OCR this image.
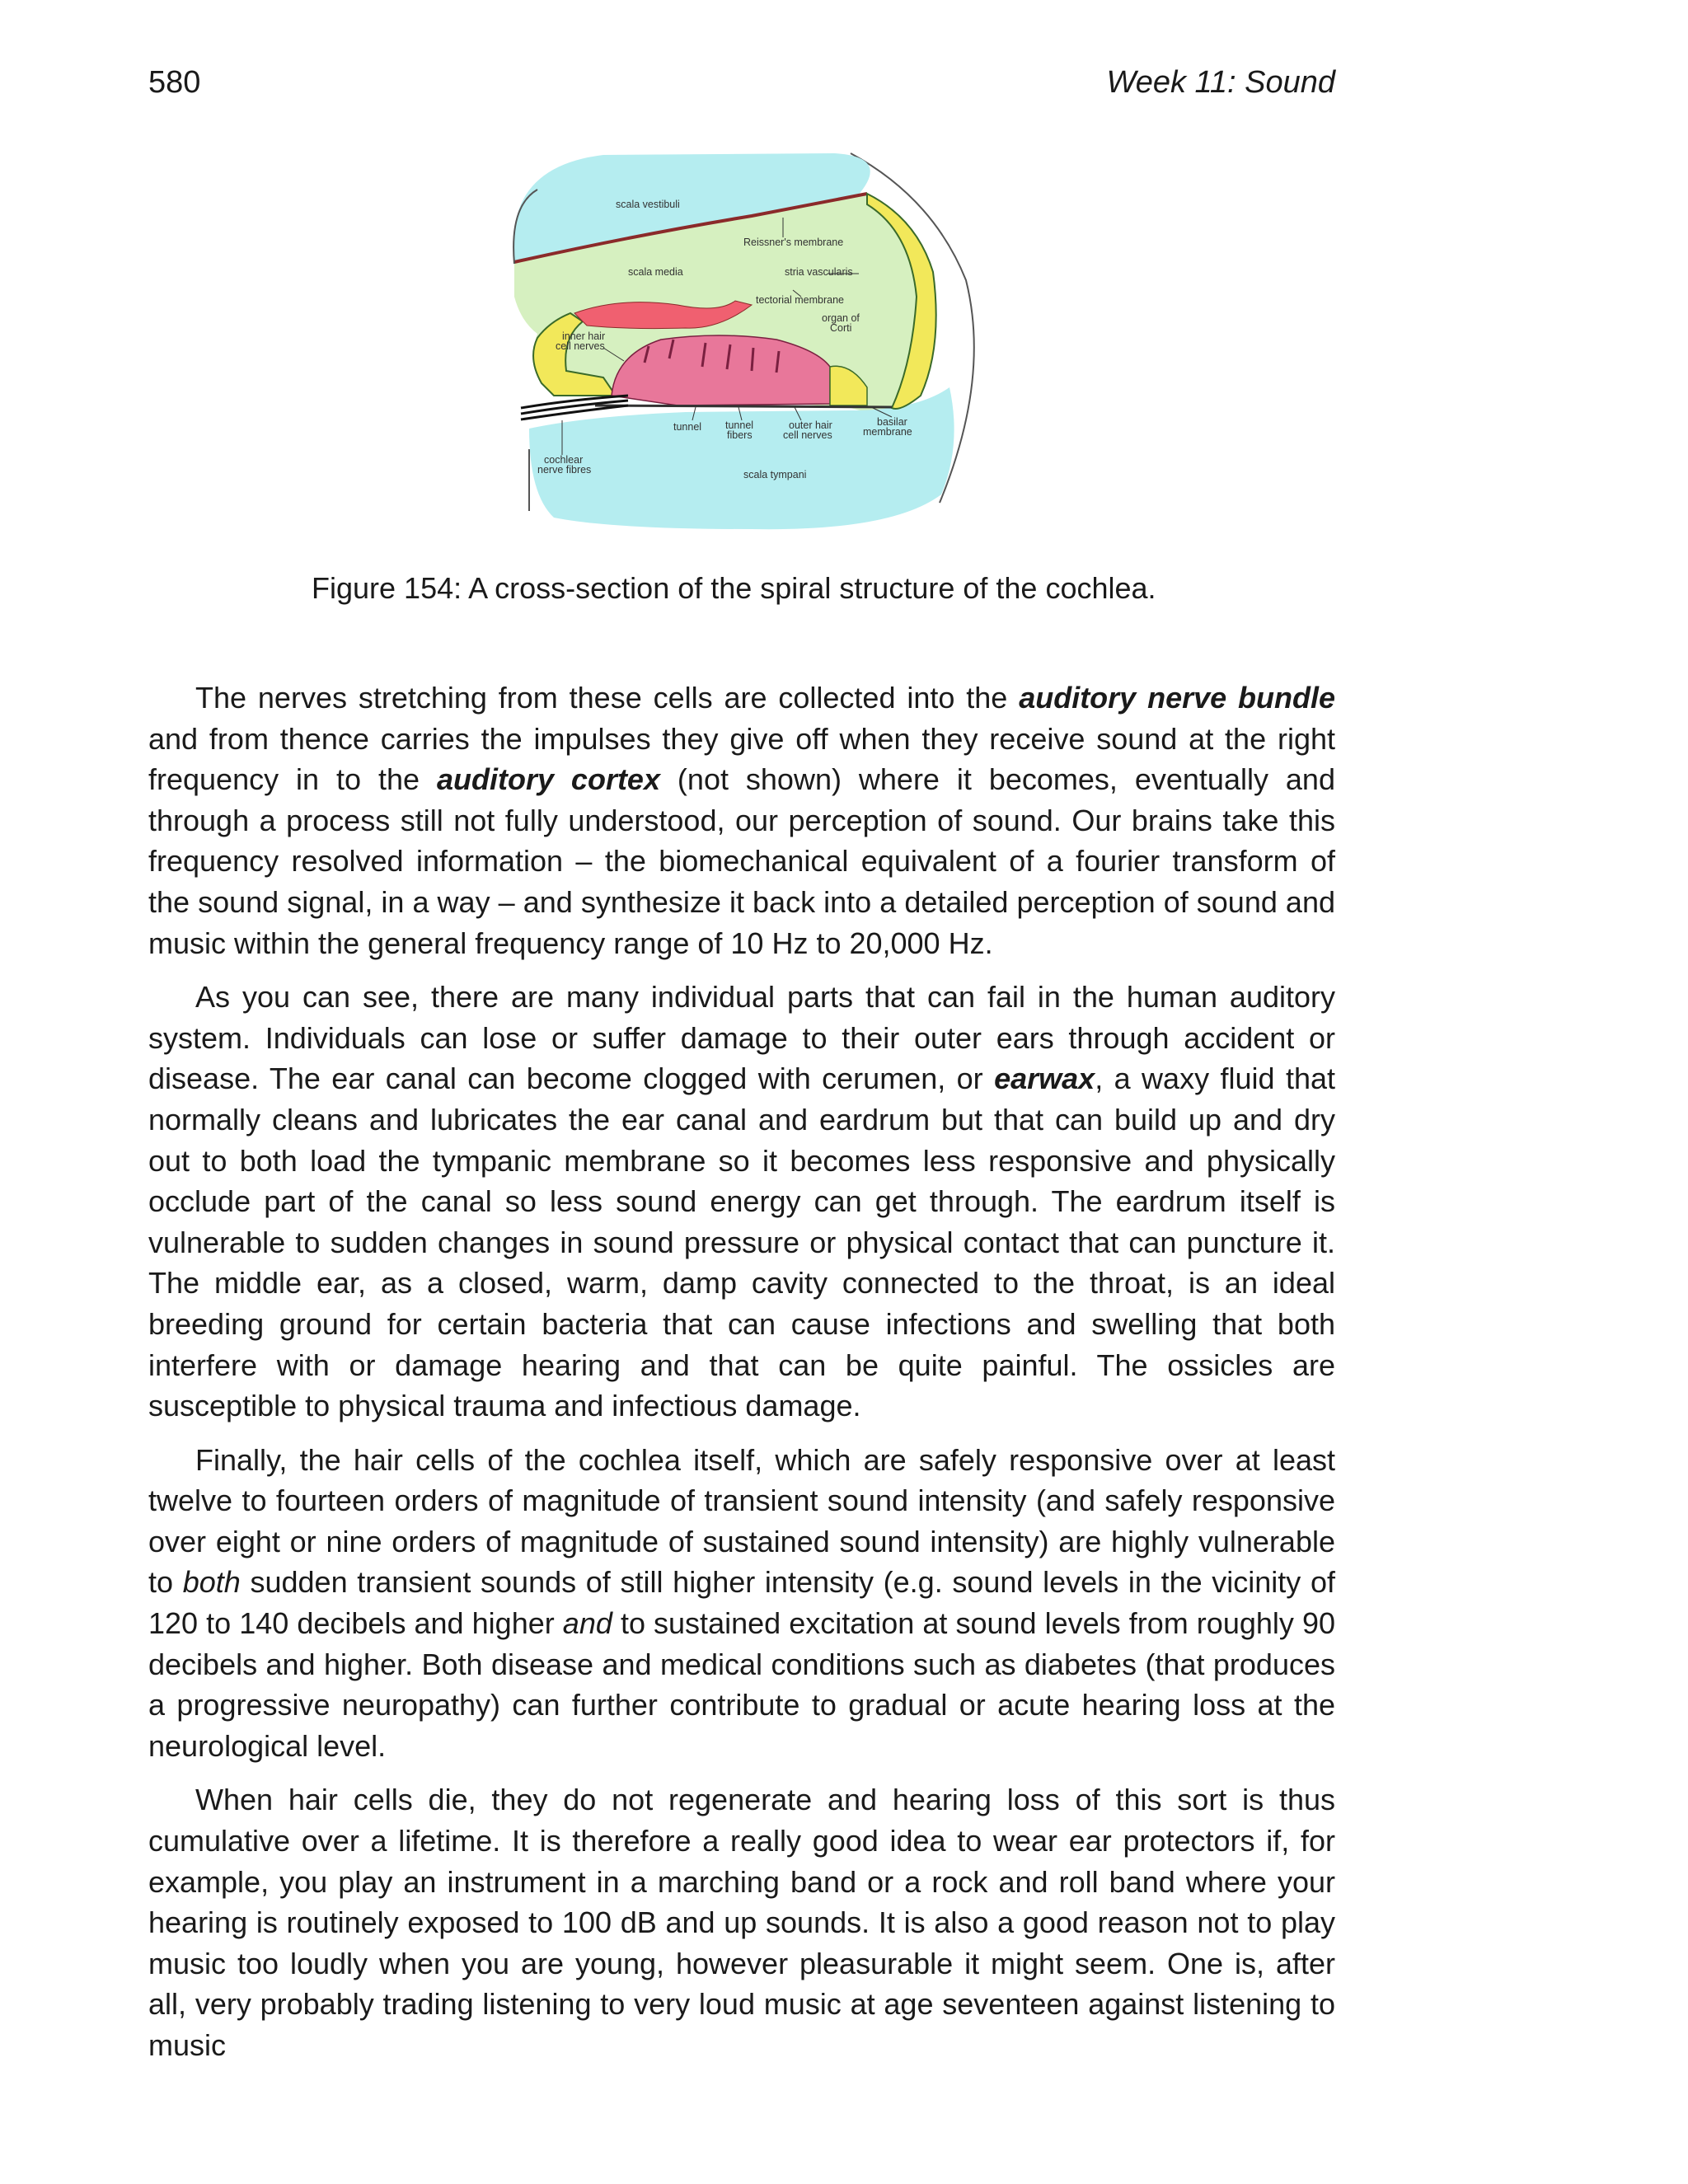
580	Week 11: Sound
scala vestibuli
Reissner's membrane
scala media	stria vascularis
tectorial membrane
organ of
Corti
inner hair
cell nerves
tunnel tunnel
fibers
outer hair
cell nerves
basilar
membrane
cochlear
nerve fibres	scala tympani
Figure 154: A cross-section of the spiral structure of the cochlea.

The nerves stretching from these cells are collected into the auditory nerve bundle and from thence carries the impulses they give off when they receive sound at the right frequency in to the auditory cortex (not shown) where it becomes, eventually and through a process still not fully understood, our perception of sound. Our brains take this frequency resolved information – the biomechanical equivalent of a fourier transform of the sound signal, in a way – and synthesize it back into a detailed perception of sound and music within the general frequency range of 10 Hz to 20,000 Hz.

As you can see, there are many individual parts that can fail in the human auditory system. Individuals can lose or suffer damage to their outer ears through accident or disease. The ear canal can become clogged with cerumen, or earwax, a waxy fluid that normally cleans and lubricates the ear canal and eardrum but that can build up and dry out to both load the tympanic membrane so it becomes less responsive and physically occlude part of the canal so less sound energy can get through. The eardrum itself is vulnerable to sudden changes in sound pressure or physical contact that can puncture it. The middle ear, as a closed, warm, damp cavity connected to the throat, is an ideal breeding ground for certain bacteria that can cause infections and swelling that both interfere with or damage hearing and that can be quite painful. The ossicles are susceptible to physical trauma and infectious damage.

Finally, the hair cells of the cochlea itself, which are safely responsive over at least twelve to fourteen orders of magnitude of transient sound intensity (and safely responsive over eight or nine orders of magnitude of sustained sound intensity) are highly vulnerable to both sudden transient sounds of still higher intensity (e.g. sound levels in the vicinity of 120 to 140 decibels and higher and to sustained excitation at sound levels from roughly 90 decibels and higher. Both disease and medical conditions such as diabetes (that produces a progressive neuropathy) can further contribute to gradual or acute hearing loss at the neurological level.

When hair cells die, they do not regenerate and hearing loss of this sort is thus cumulative over a lifetime. It is therefore a really good idea to wear ear protectors if, for example, you play an instrument in a marching band or a rock and roll band where your hearing is routinely exposed to 100 dB and up sounds. It is also a good reason not to play music too loudly when you are young, however pleasurable it might seem. One is, after all, very probably trading listening to very loud music at age seventeen against listening to music
